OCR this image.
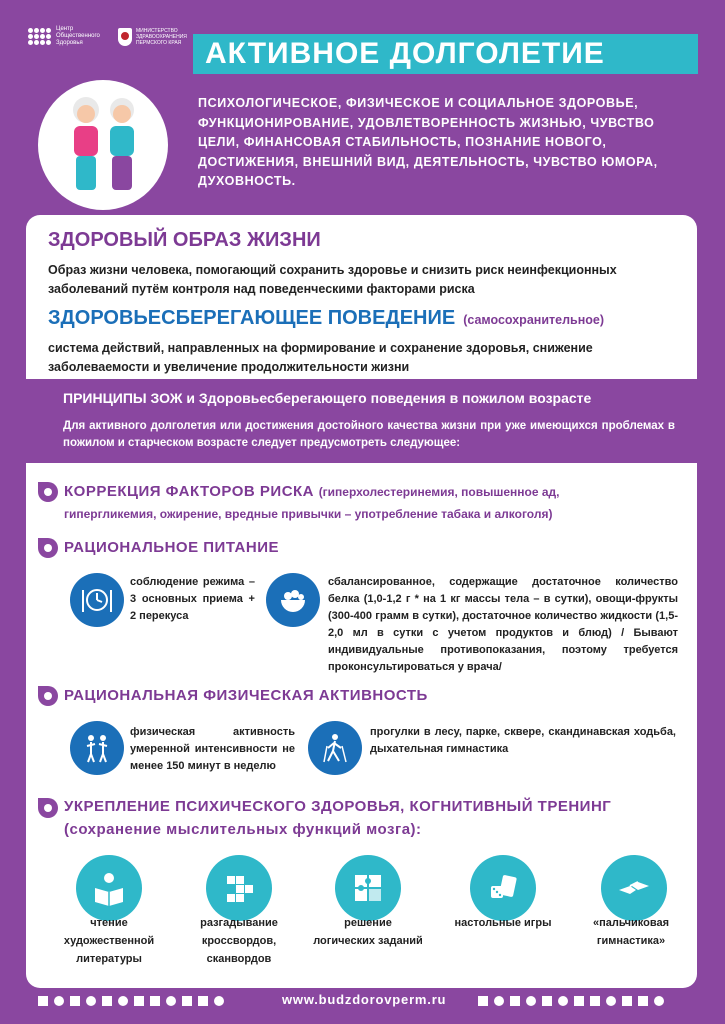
Центр Общественного Здоровья
МИНИСТЕРСТВО ЗДРАВООХРАНЕНИЯ ПЕРМСКОГО КРАЯ АКТИВНОЕ ДОЛГОЛЕТИЕ
ПСИХОЛОГИЧЕСКОЕ, ФИЗИЧЕСКОЕ И СОЦИАЛЬНОЕ ЗДОРОВЬЕ, ФУНКЦИОНИРОВАНИЕ, УДОВЛЕТВОРЕННОСТЬ ЖИЗНЬЮ, ЧУВСТВО ЦЕЛИ, ФИНАНСОВАЯ СТАБИЛЬНОСТЬ, ПОЗНАНИЕ НОВОГО, ДОСТИЖЕНИЯ, ВНЕШНИЙ ВИД, ДЕЯТЕЛЬНОСТЬ, ЧУВСТВО ЮМОРА, ДУХОВНОСТЬ.
ЗДОРОВЫЙ ОБРАЗ ЖИЗНИ
Образ жизни человека, помогающий сохранить здоровье и снизить риск неинфекционных заболеваний путём контроля над поведенческими факторами риска
ЗДОРОВЬЕСБЕРЕГАЮЩЕЕ ПОВЕДЕНИЕ (самосохранительное)
система действий, направленных на формирование и сохранение здоровья, снижение заболеваемости и увеличение продолжительности жизни
ПРИНЦИПЫ ЗОЖ и Здоровьесберегающего поведения в пожилом возрасте
Для активного долголетия или достижения достойного качества жизни при уже имеющихся проблемах в пожилом и старческом возрасте следует предусмотреть следующее:
КОРРЕКЦИЯ ФАКТОРОВ РИСКА (гиперхолестеринемия, повышенное ад,
гипергликемия, ожирение, вредные привычки – употребление табака и алкоголя)
РАЦИОНАЛЬНОЕ ПИТАНИЕ
соблюдение режима – 3 основных приема + 2 перекуса
сбалансированное, содержащие достаточное количество белка (1,0-1,2 г * на 1 кг массы тела – в сутки), овощи-фрукты (300-400 грамм в сутки), достаточное количество жидкости (1,5-2,0 мл в сутки с учетом продуктов и блюд) / Бывают индивидуальные противопоказания, поэтому требуется проконсультироваться у врача/
РАЦИОНАЛЬНАЯ ФИЗИЧЕСКАЯ АКТИВНОСТЬ
физическая активность умеренной интенсивности не менее 150 минут в неделю
прогулки в лесу, парке, сквере, скандинавская ходьба, дыхательная гимнастика
УКРЕПЛЕНИЕ ПСИХИЧЕСКОГО ЗДОРОВЬЯ, КОГНИТИВНЫЙ ТРЕНИНГ
(сохранение мыслительных функций мозга):
чтение художественной литературы
разгадывание кроссвордов, сканвордов
решение логических заданий
настольные игры	«пальчиковая гимнастика»
www.budzdorovperm.ru
